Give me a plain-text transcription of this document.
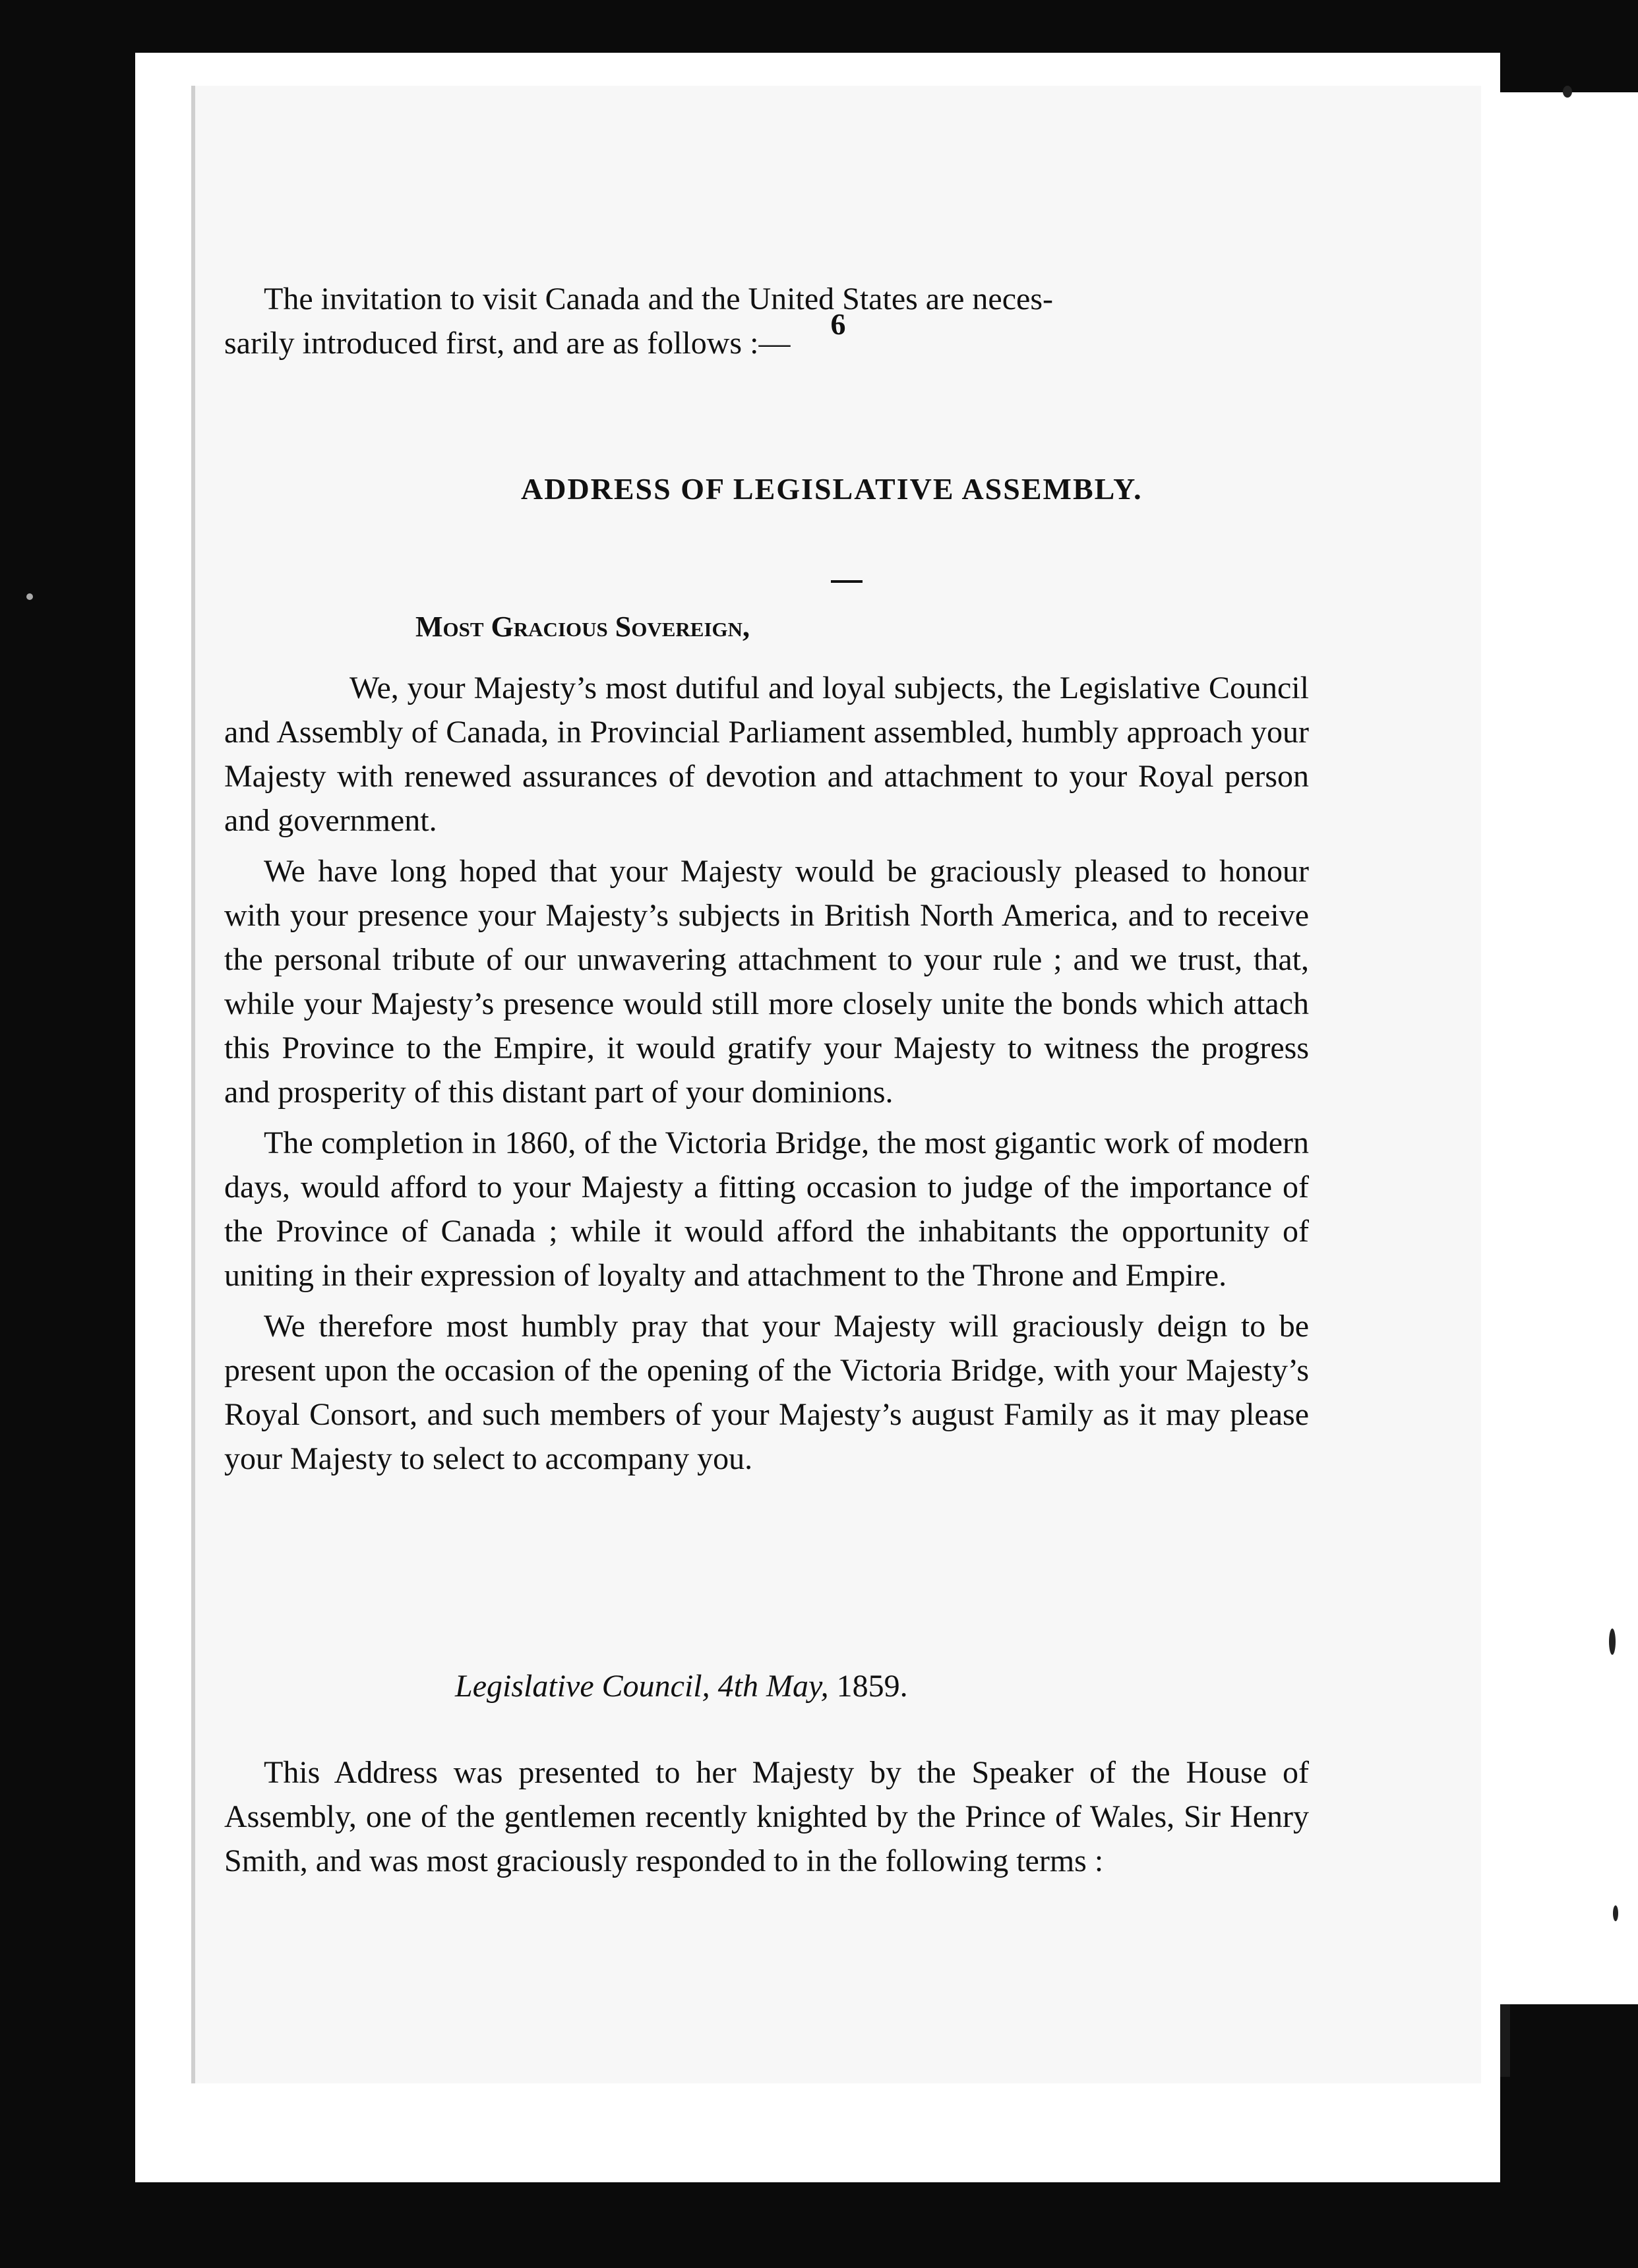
6
The invitation to visit Canada and the United States are neces-
sarily introduced first, and are as follows :—
ADDRESS OF LEGISLATIVE ASSEMBLY.
Most Gracious Sovereign,

We, your Majesty’s most dutiful and loyal subjects, the Legislative Council and Assembly of Canada, in Provincial Parliament assembled, humbly approach your Majesty with renewed assurances of devotion and attachment to your Royal person and government.

We have long hoped that your Majesty would be graciously pleased to honour with your presence your Majesty’s subjects in British North America, and to receive the personal tribute of our unwavering attachment to your rule ; and we trust, that, while your Majesty’s presence would still more closely unite the bonds which attach this Province to the Empire, it would gratify your Majesty to witness the progress and prosperity of this distant part of your dominions.

The completion in 1860, of the Victoria Bridge, the most gigantic work of modern days, would afford to your Majesty a fitting occasion to judge of the importance of the Province of Canada ; while it would afford the inhabitants the opportunity of uniting in their expression of loyalty and attachment to the Throne and Empire.

We therefore most humbly pray that your Majesty will graciously deign to be present upon the occasion of the opening of the Victoria Bridge, with your Majesty’s Royal Consort, and such members of your Majesty’s august Family as it may please your Majesty to select to accompany you.

Legislative Council, 4th May, 1859.

This Address was presented to her Majesty by the Speaker of the House of Assembly, one of the gentlemen recently knighted by the Prince of Wales, Sir Henry Smith, and was most graciously responded to in the following terms :
